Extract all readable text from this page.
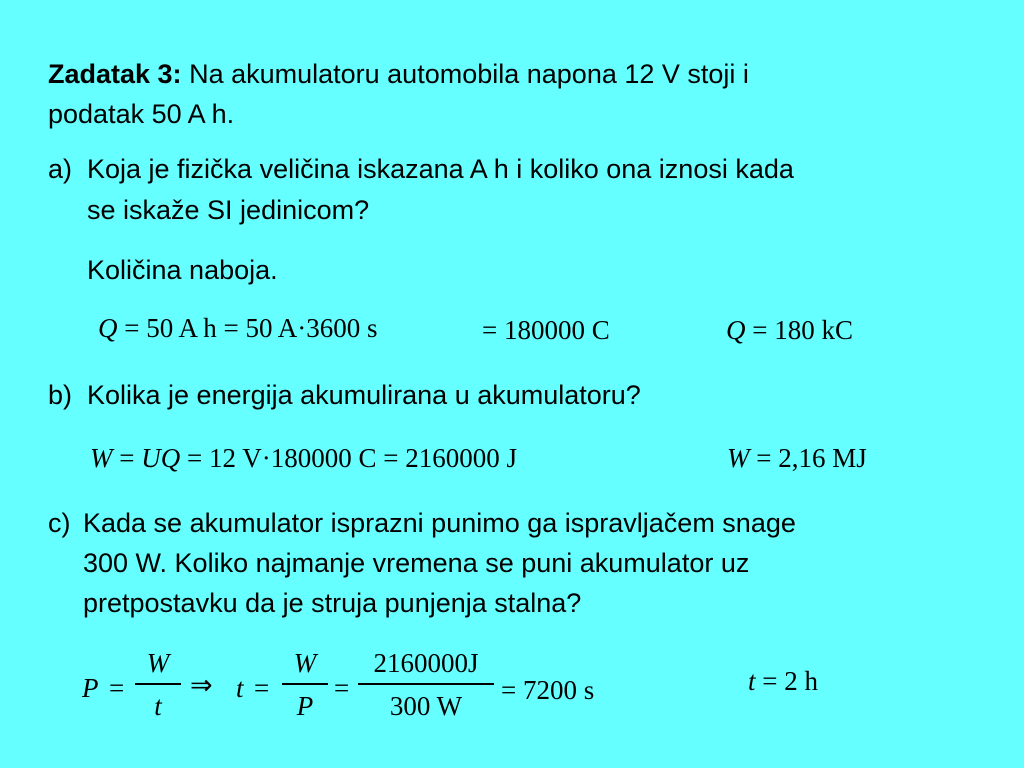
Zadatak 3: Na akumulatoru automobila napona 12 V stoji i
podatak 50 A h.
a) Koja je fizička veličina iskazana A h i koliko ona iznosi kada
se iskaže SI jedinicom?
Količina naboja.
Q = 50 A h = 50 A·3600 s	= 180000 C	Q = 180 kC
b) Kolika je energija akumulirana u akumulatoru?
W = UQ = 12 V·180000 C = 2160000 J	W = 2,16 MJ
c) Kada se akumulator isprazni punimo ga ispravljačem snage
300 W. Koliko najmanje vremena se puni akumulator uz
pretpostavku da je struja punjenja stalna?
P =
W
t
⇒ t =
W
P
=
2160000J
300 W
= 7200 s	t = 2 h
